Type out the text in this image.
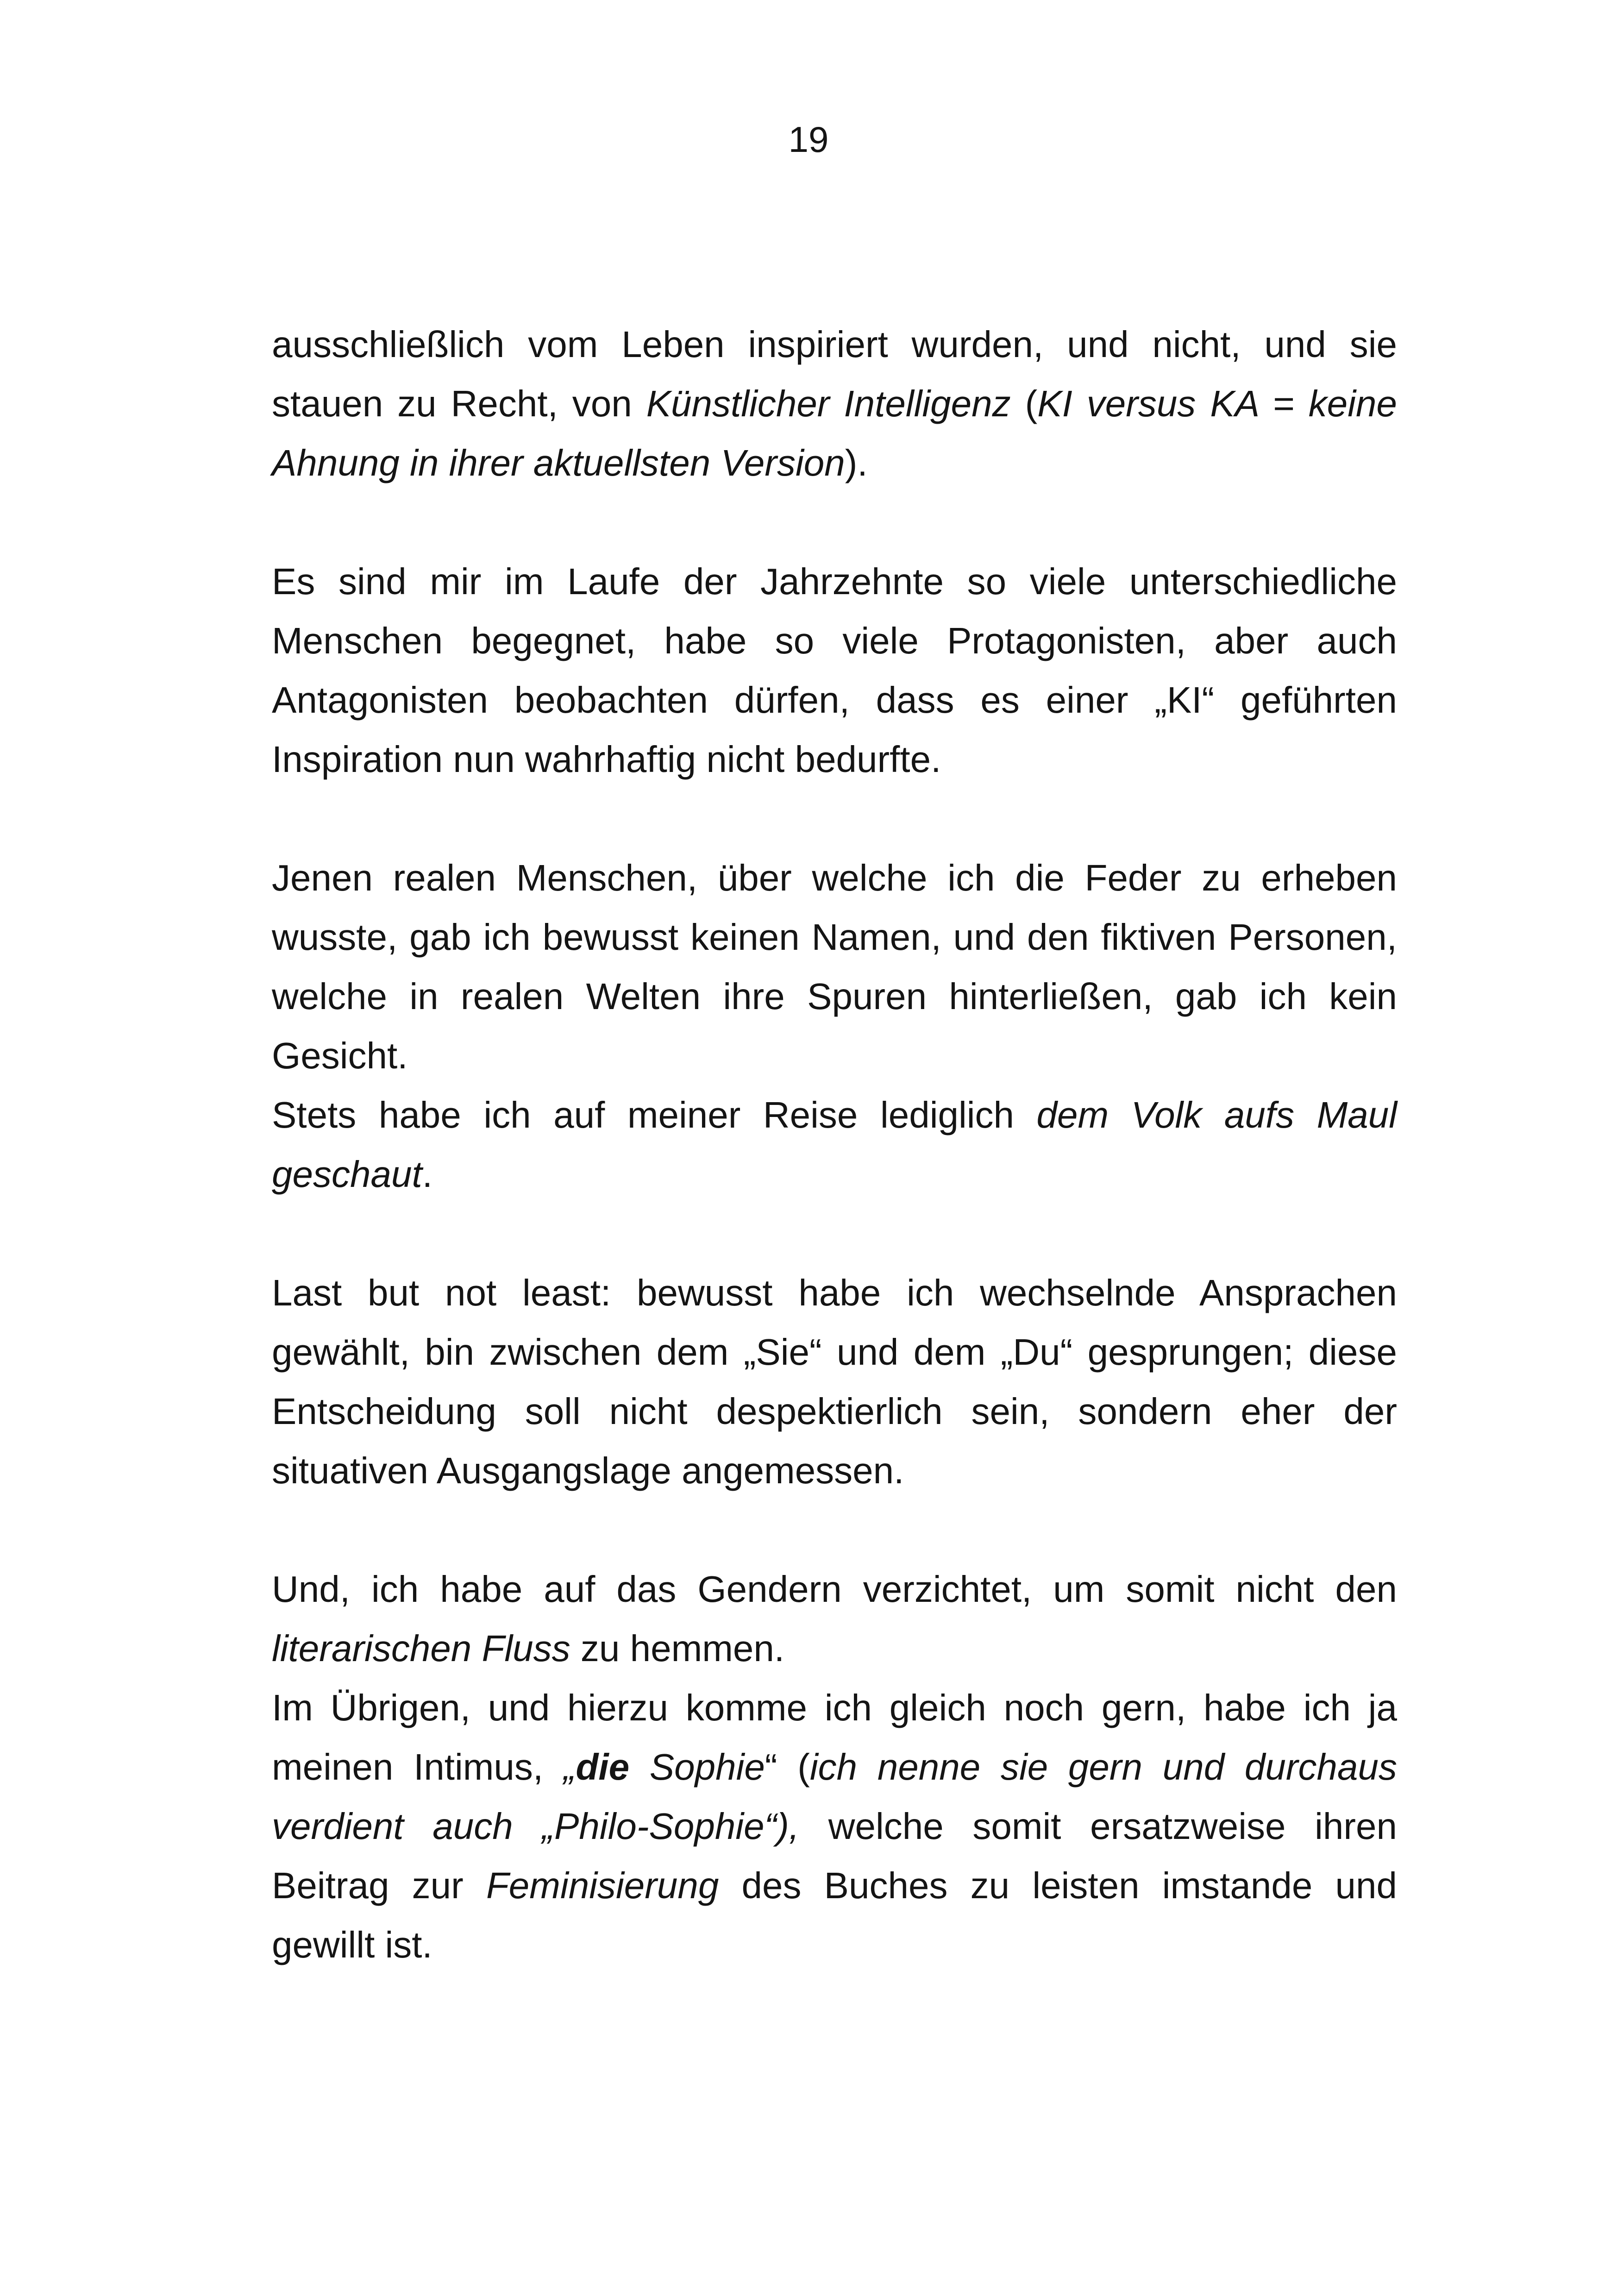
19

ausschließlich vom Leben inspiriert wurden, und nicht, und sie stauen zu Recht, von Künstlicher Intelligenz (KI versus KA = keine Ahnung in ihrer aktuellsten Version).

Es sind mir im Laufe der Jahrzehnte so viele unterschiedliche Menschen begegnet, habe so viele Protagonisten, aber auch Antagonisten beobachten dürfen, dass es einer „KI“ geführten Inspiration nun wahrhaftig nicht bedurfte.

Jenen realen Menschen, über welche ich die Feder zu erheben wusste, gab ich bewusst keinen Namen, und den fiktiven Personen, welche in realen Welten ihre Spuren hinterließen, gab ich kein Gesicht.

Stets habe ich auf meiner Reise lediglich dem Volk aufs Maul geschaut.

Last but not least: bewusst habe ich wechselnde Ansprachen gewählt, bin zwischen dem „Sie“ und dem „Du“ gesprungen; diese Entscheidung soll nicht despektierlich sein, sondern eher der situativen Ausgangslage angemessen.

Und, ich habe auf das Gendern verzichtet, um somit nicht den literarischen Fluss zu hemmen.

Im Übrigen, und hierzu komme ich gleich noch gern, habe ich ja meinen Intimus, „die Sophie“ (ich nenne sie gern und durchaus verdient auch „Philo-Sophie“), welche somit ersatzweise ihren Beitrag zur Feminisierung des Buches zu leisten imstande und gewillt ist.
